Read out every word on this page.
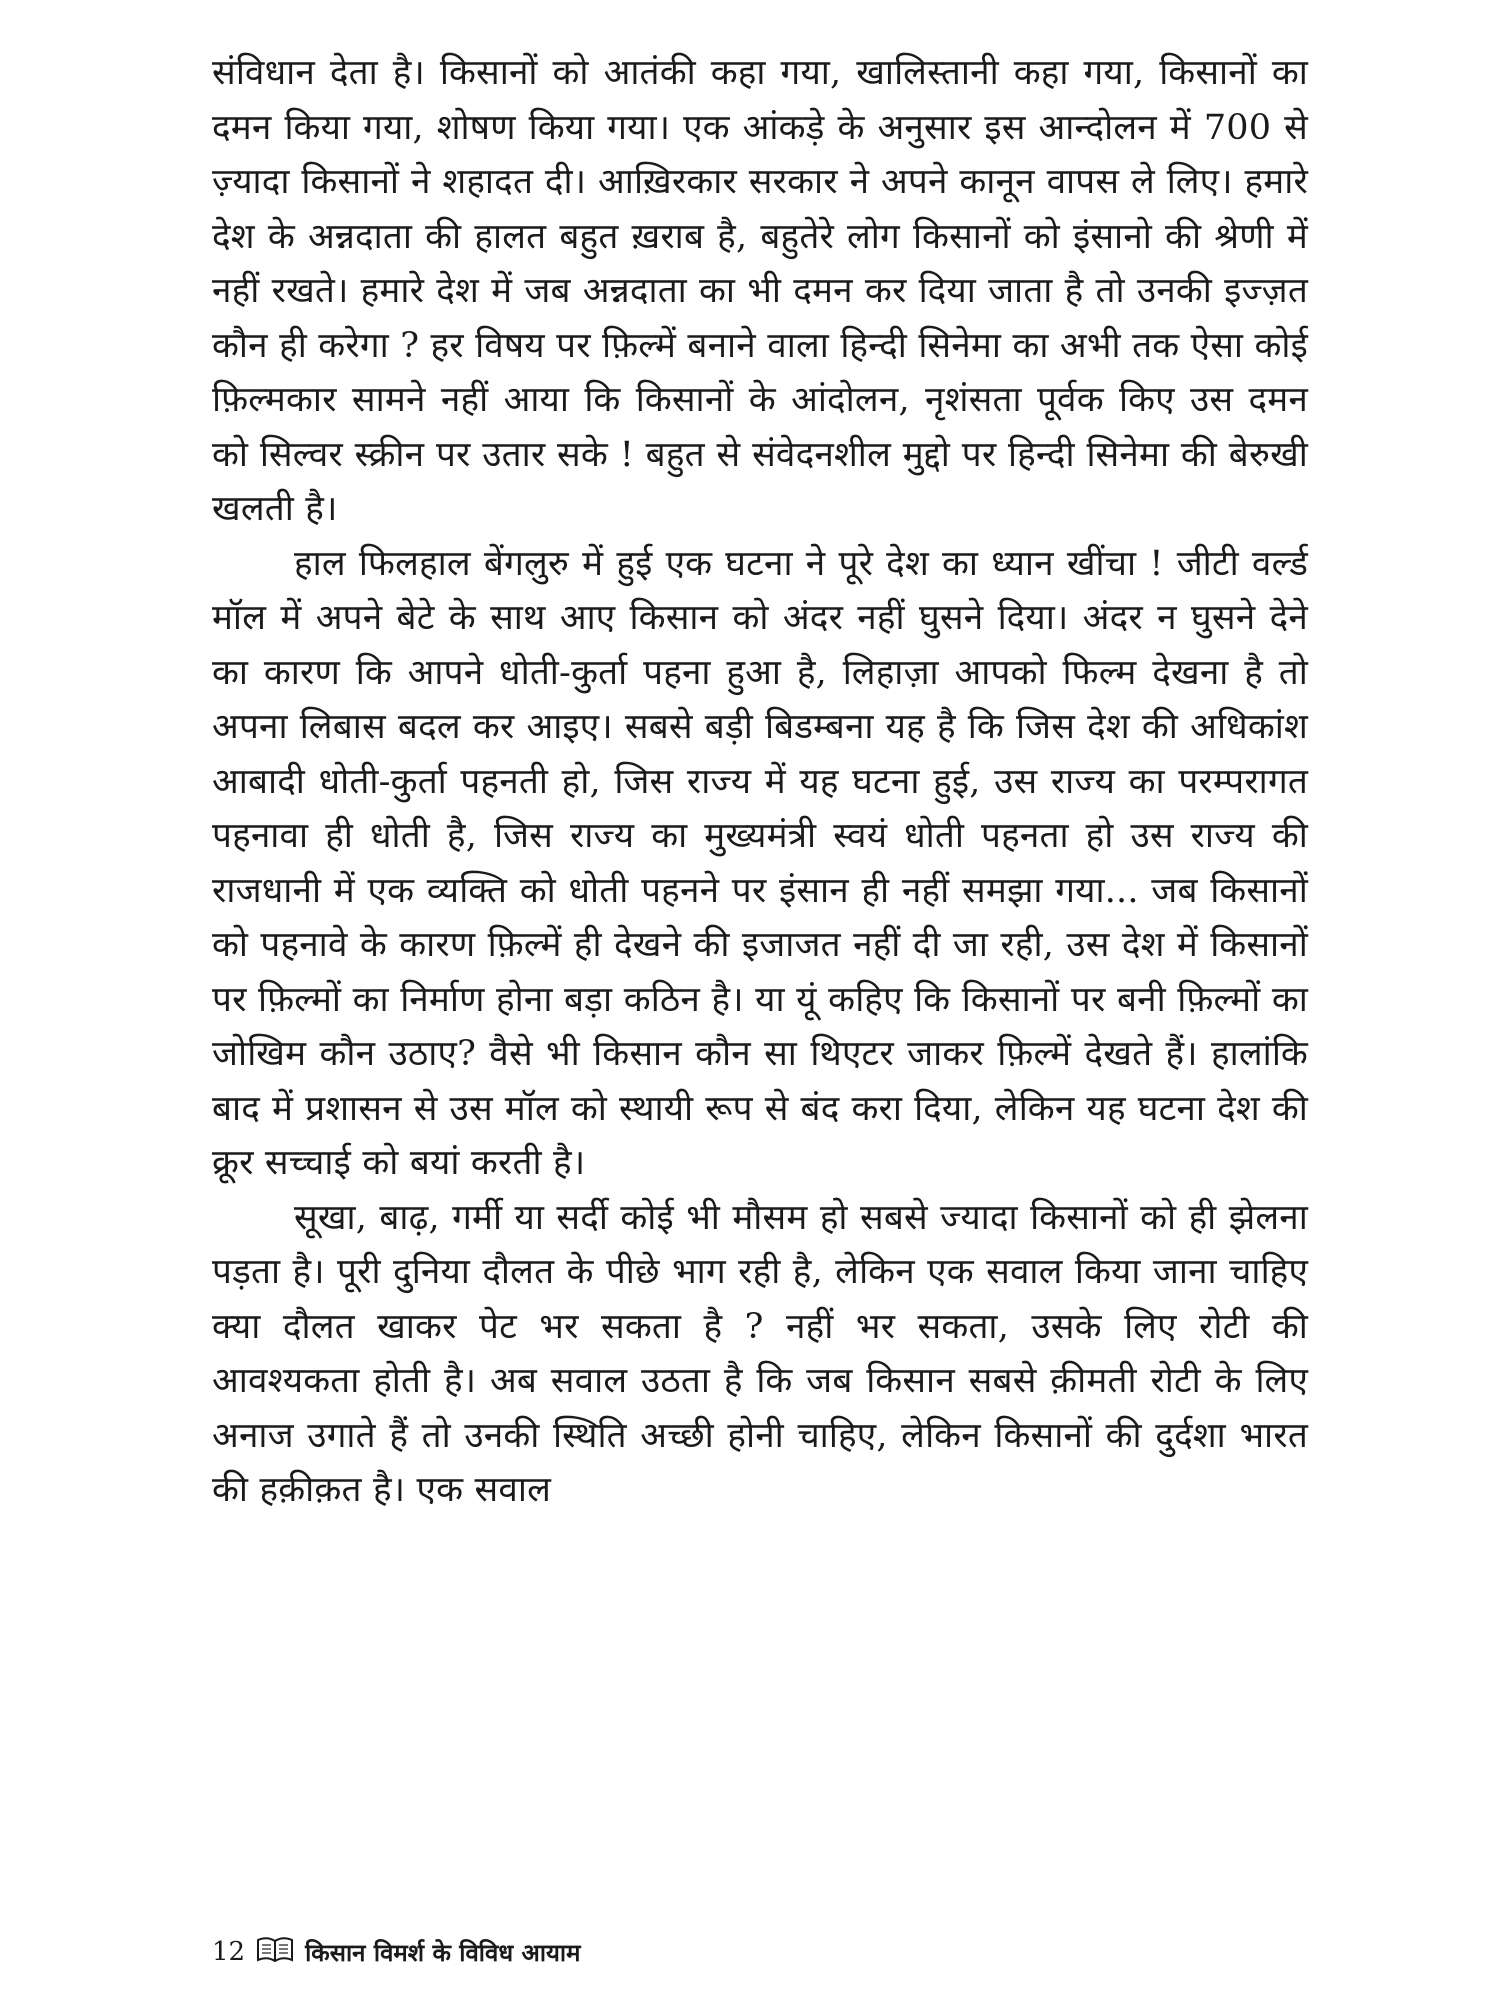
संविधान देता है। किसानों को आतंकी कहा गया, खालिस्तानी कहा गया, किसानों का दमन किया गया, शोषण किया गया। एक आंकड़े के अनुसार इस आन्दोलन में 700 से ज़्यादा किसानों ने शहादत दी। आख़िरकार सरकार ने अपने कानून वापस ले लिए। हमारे देश के अन्नदाता की हालत बहुत ख़राब है, बहुतेरे लोग किसानों को इंसानो की श्रेणी में नहीं रखते। हमारे देश में जब अन्नदाता का भी दमन कर दिया जाता है तो उनकी इज्ज़त कौन ही करेगा ? हर विषय पर फ़िल्में बनाने वाला हिन्दी सिनेमा का अभी तक ऐसा कोई फ़िल्मकार सामने नहीं आया कि किसानों के आंदोलन, नृशंसता पूर्वक किए उस दमन को सिल्वर स्क्रीन पर उतार सके ! बहुत से संवेदनशील मुद्दो पर हिन्दी सिनेमा की बेरुखी खलती है।

हाल फिलहाल बेंगलुरु में हुई एक घटना ने पूरे देश का ध्यान खींचा ! जीटी वर्ल्ड मॉल में अपने बेटे के साथ आए किसान को अंदर नहीं घुसने दिया। अंदर न घुसने देने का कारण कि आपने धोती-कुर्ता पहना हुआ है, लिहाज़ा आपको फिल्म देखना है तो अपना लिबास बदल कर आइए। सबसे बड़ी बिडम्बना यह है कि जिस देश की अधिकांश आबादी धोती-कुर्ता पहनती हो, जिस राज्य में यह घटना हुई, उस राज्य का परम्परागत पहनावा ही धोती है, जिस राज्य का मुख्यमंत्री स्वयं धोती पहनता हो उस राज्य की राजधानी में एक व्यक्ति को धोती पहनने पर इंसान ही नहीं समझा गया... जब किसानों को पहनावे के कारण फ़िल्में ही देखने की इजाजत नहीं दी जा रही, उस देश में किसानों पर फ़िल्मों का निर्माण होना बड़ा कठिन है। या यूं कहिए कि किसानों पर बनी फ़िल्मों का जोखिम कौन उठाए? वैसे भी किसान कौन सा थिएटर जाकर फ़िल्में देखते हैं। हालांकि बाद में प्रशासन से उस मॉल को स्थायी रूप से बंद करा दिया, लेकिन यह घटना देश की क्रूर सच्चाई को बयां करती है।

सूखा, बाढ़, गर्मी या सर्दी कोई भी मौसम हो सबसे ज्यादा किसानों को ही झेलना पड़ता है। पूरी दुनिया दौलत के पीछे भाग रही है, लेकिन एक सवाल किया जाना चाहिए क्या दौलत खाकर पेट भर सकता है ? नहीं भर सकता, उसके लिए रोटी की आवश्यकता होती है। अब सवाल उठता है कि जब किसान सबसे क़ीमती रोटी के लिए अनाज उगाते हैं तो उनकी स्थिति अच्छी होनी चाहिए, लेकिन किसानों की दुर्दशा भारत की हक़ीक़त है। एक सवाल

12	किसान विमर्श के विविध आयाम
